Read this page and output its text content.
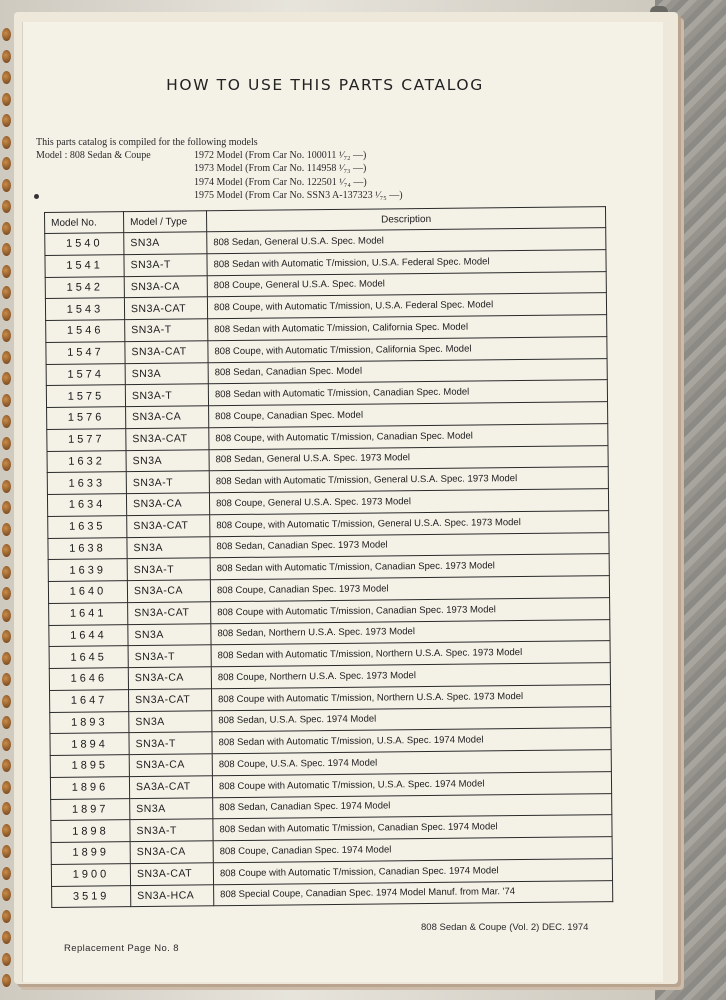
HOW TO USE THIS PARTS CATALOG
This parts catalog is compiled for the following models
Model : 808 Sedan & Coupe	1972 Model (From Car No. 100011 ¹⁄₇₂ —)
1973 Model (From Car No. 114958 ¹⁄₇₃ —)
1974 Model (From Car No. 122501 ¹⁄₇₄ —)
1975 Model (From Car No. SSN3 A-137323 ¹⁄₇₅ —)
Model No.	Model / Type	Description
1540	SN3A	808 Sedan, General U.S.A. Spec. Model
1541	SN3A-T	808 Sedan with Automatic T/mission, U.S.A. Federal Spec. Model
1542	SN3A-CA	808 Coupe, General U.S.A. Spec. Model
1543	SN3A-CAT	808 Coupe, with Automatic T/mission, U.S.A. Federal Spec. Model
1546	SN3A-T	808 Sedan with Automatic T/mission, California Spec. Model
1547	SN3A-CAT	808 Coupe, with Automatic T/mission, California Spec. Model
1574	SN3A	808 Sedan, Canadian Spec. Model
1575	SN3A-T	808 Sedan with Automatic T/mission, Canadian Spec. Model
1576	SN3A-CA	808 Coupe, Canadian Spec. Model
1577	SN3A-CAT	808 Coupe, with Automatic T/mission, Canadian Spec. Model
1632	SN3A	808 Sedan, General U.S.A. Spec. 1973 Model
1633	SN3A-T	808 Sedan with Automatic T/mission, General U.S.A. Spec. 1973 Model
1634	SN3A-CA	808 Coupe, General U.S.A. Spec. 1973 Model
1635	SN3A-CAT	808 Coupe, with Automatic T/mission, General U.S.A. Spec. 1973 Model
1638	SN3A	808 Sedan, Canadian Spec. 1973 Model
1639	SN3A-T	808 Sedan with Automatic T/mission, Canadian Spec. 1973 Model
1640	SN3A-CA	808 Coupe, Canadian Spec. 1973 Model
1641	SN3A-CAT	808 Coupe with Automatic T/mission, Canadian Spec. 1973 Model
1644	SN3A	808 Sedan, Northern U.S.A. Spec. 1973 Model
1645	SN3A-T	808 Sedan with Automatic T/mission, Northern U.S.A. Spec. 1973 Model
1646	SN3A-CA	808 Coupe, Northern U.S.A. Spec. 1973 Model
1647	SN3A-CAT	808 Coupe with Automatic T/mission, Northern U.S.A. Spec. 1973 Model
1893	SN3A	808 Sedan, U.S.A. Spec. 1974 Model
1894	SN3A-T	808 Sedan with Automatic T/mission, U.S.A. Spec. 1974 Model
1895	SN3A-CA	808 Coupe, U.S.A. Spec. 1974 Model
1896	SA3A-CAT	808 Coupe with Automatic T/mission, U.S.A. Spec. 1974 Model
1897	SN3A	808 Sedan, Canadian Spec. 1974 Model
1898	SN3A-T	808 Sedan with Automatic T/mission, Canadian Spec. 1974 Model
1899	SN3A-CA	808 Coupe, Canadian Spec. 1974 Model
1900	SN3A-CAT	808 Coupe with Automatic T/mission, Canadian Spec. 1974 Model
3519	SN3A-HCA	808 Special Coupe, Canadian Spec. 1974 Model Manuf. from Mar. '74
808 Sedan & Coupe (Vol. 2) DEC. 1974
Replacement Page No. 8
